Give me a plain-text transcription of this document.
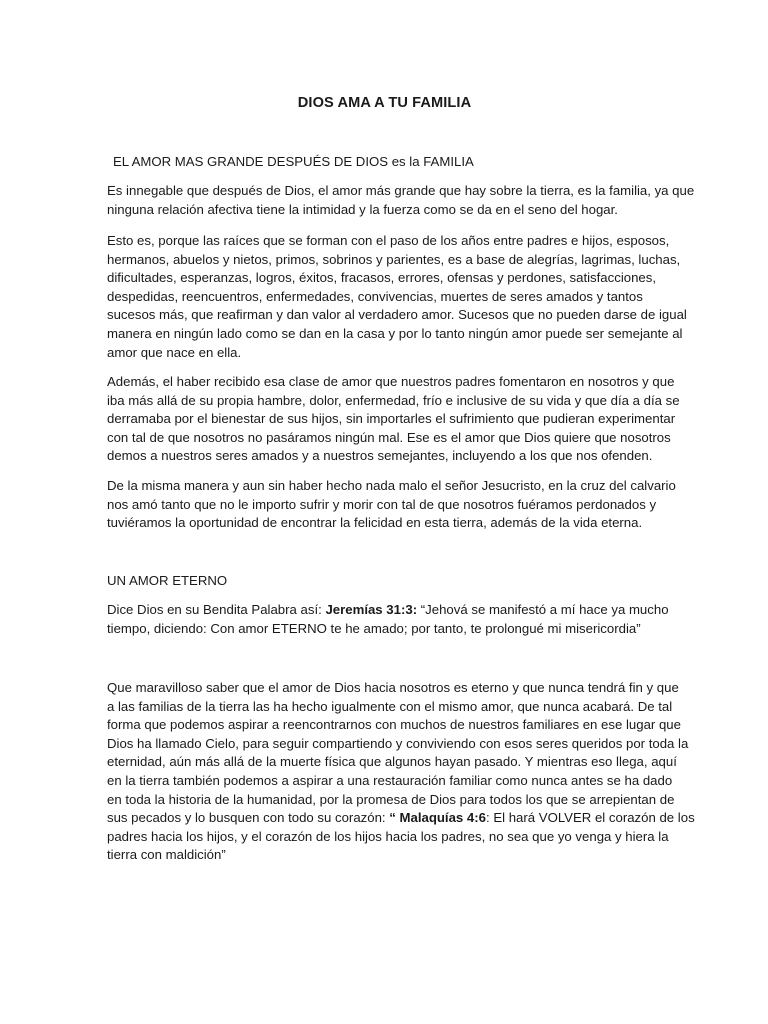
DIOS AMA A TU FAMILIA
EL AMOR MAS GRANDE DESPUÉS DE DIOS es la FAMILIA
Es innegable que después de Dios, el amor más grande que hay sobre la tierra, es la familia, ya que
ninguna relación afectiva tiene la intimidad y la fuerza como se da en el seno del hogar.
Esto es, porque las raíces que se forman con el paso de los años entre padres e hijos, esposos,
hermanos, abuelos y nietos, primos, sobrinos y parientes, es a base de alegrías, lagrimas, luchas,
dificultades, esperanzas, logros, éxitos, fracasos, errores, ofensas y perdones, satisfacciones,
despedidas, reencuentros, enfermedades, convivencias, muertes de seres amados y tantos
sucesos más, que reafirman y dan valor al verdadero amor. Sucesos que no pueden darse de igual
manera en ningún lado como se dan en la casa y por lo tanto ningún amor puede ser semejante al
amor que nace en ella.
Además, el haber recibido esa clase de amor que nuestros padres fomentaron en nosotros y que
iba más allá de su propia hambre, dolor, enfermedad, frío e inclusive de su vida y que día a día se
derramaba por el bienestar de sus hijos, sin importarles el sufrimiento que pudieran experimentar
con tal de que nosotros no pasáramos ningún mal. Ese es el amor que Dios quiere que nosotros
demos a nuestros seres amados y a nuestros semejantes, incluyendo a los que nos ofenden.
De la misma manera y aun sin haber hecho nada malo el señor Jesucristo, en la cruz del calvario
nos amó tanto que no le importo sufrir y morir con tal de que nosotros fuéramos perdonados y
tuviéramos la oportunidad de encontrar la felicidad en esta tierra, además de la vida eterna.
UN AMOR ETERNO
Dice Dios en su Bendita Palabra así: Jeremías 31:3: “Jehová se manifestó a mí hace ya mucho
tiempo, diciendo: Con amor ETERNO te he amado; por tanto, te prolongué mi misericordia”
Que maravilloso saber que el amor de Dios hacia nosotros es eterno y que nunca tendrá fin y que
a las familias de la tierra las ha hecho igualmente con el mismo amor, que nunca acabará. De tal
forma que podemos aspirar a reencontrarnos con muchos de nuestros familiares en ese lugar que
Dios ha llamado Cielo, para seguir compartiendo y conviviendo con esos seres queridos por toda la
eternidad, aún más allá de la muerte física que algunos hayan pasado. Y mientras eso llega, aquí
en la tierra también podemos a aspirar a una restauración familiar como nunca antes se ha dado
en toda la historia de la humanidad, por la promesa de Dios para todos los que se arrepientan de
sus pecados y lo busquen con todo su corazón: “ Malaquías 4:6: El hará VOLVER el corazón de los
padres hacia los hijos, y el corazón de los hijos hacia los padres, no sea que yo venga y hiera la
tierra con maldición”
